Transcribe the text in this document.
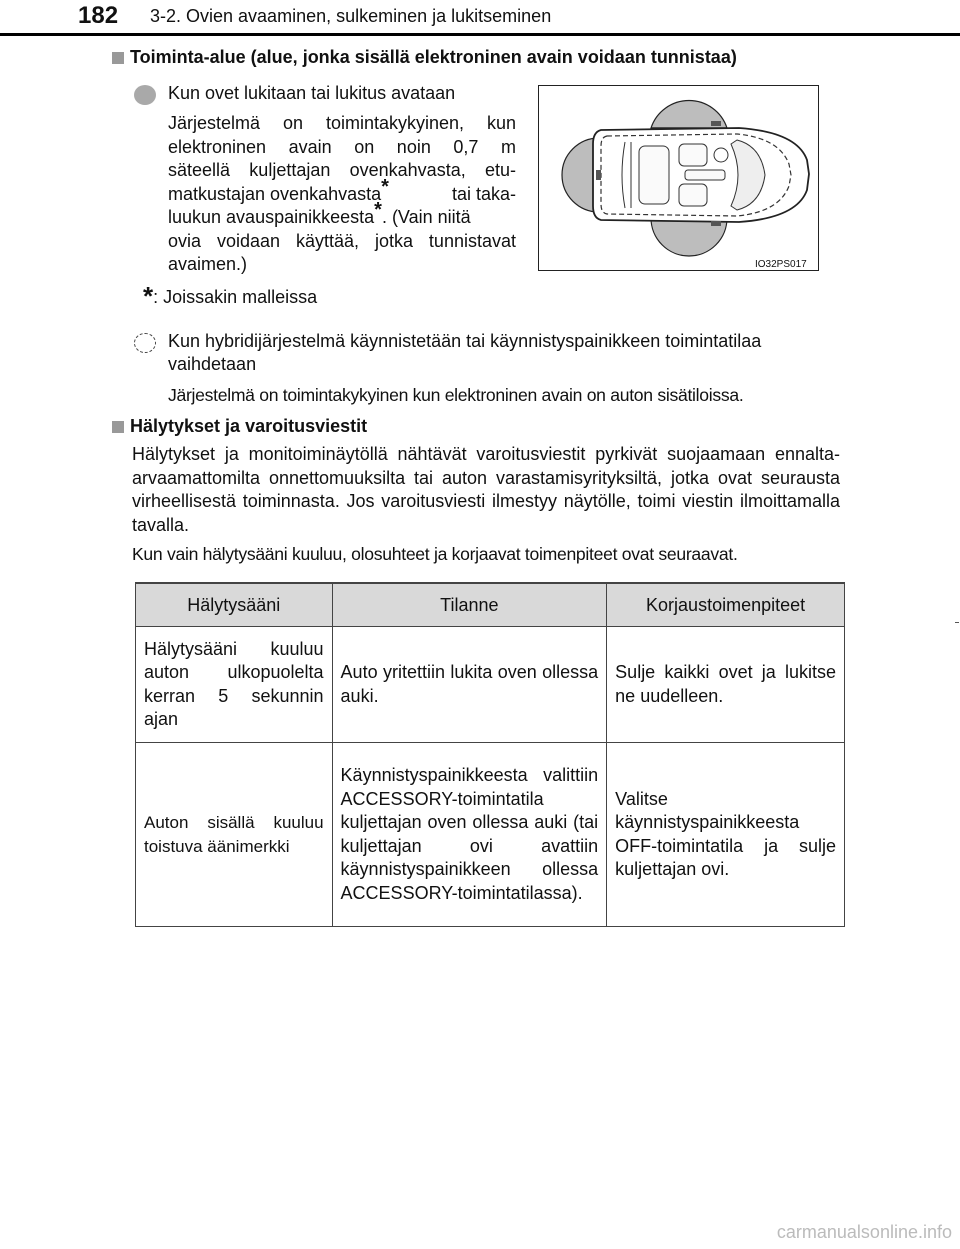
182 3-2. Ovien avaaminen, sulkeminen ja lukitseminen
Toiminta-alue (alue, jonka sisällä elektroninen avain voidaan tunnistaa)
Kun ovet lukitaan tai lukitus avataan
Järjestelmä on toimintakykyinen, kun
elektroninen avain on noin 0,7 m
säteellä kuljettajan ovenkahvasta, etu-
matkustajan ovenkahvasta*	tai taka-
luukun avauspainikkeesta*. (Vain niitä
ovia voidaan käyttää, jotka tunnistavat
avaimen.)	IO32PS017
* : Joissakin malleissa
Kun hybridijärjestelmä käynnistetään tai käynnistyspainikkeen toimintatilaa vaihdetaan
Järjestelmä on toimintakykyinen kun elektroninen avain on auton sisätiloissa.
Hälytykset ja varoitusviestit
Hälytykset ja monitoiminäytöllä nähtävät varoitusviestit pyrkivät suojaamaan ennalta-arvaamattomilta onnettomuuksilta tai auton varastamisyrityksiltä, jotka ovat seurausta virheellisestä toiminnasta. Jos varoitusviesti ilmestyy näytölle, toimi viestin ilmoittamalla tavalla.
Kun vain hälytysääni kuuluu, olosuhteet ja korjaavat toimenpiteet ovat seuraavat.
Hälytysääni	Tilanne	Korjaustoimenpiteet
Hälytysääni kuuluu auton ulkopuolelta kerran 5 sekunnin ajan	Auto yritettiin lukita oven ollessa auki.	Sulje kaikki ovet ja lukitse ne uudelleen.
Auton sisällä kuuluu toistuva äänimerkki	Käynnistyspainikkeesta valittiin ACCESSORY-toimintatila kuljettajan oven ollessa auki (tai kuljettajan ovi avattiin käynnistyspainikkeen ollessa ACCESSORY-toimintatilassa).	Valitse käynnistyspainikkeesta OFF-toimintatila ja sulje kuljettajan ovi.
carmanualsonline.info
